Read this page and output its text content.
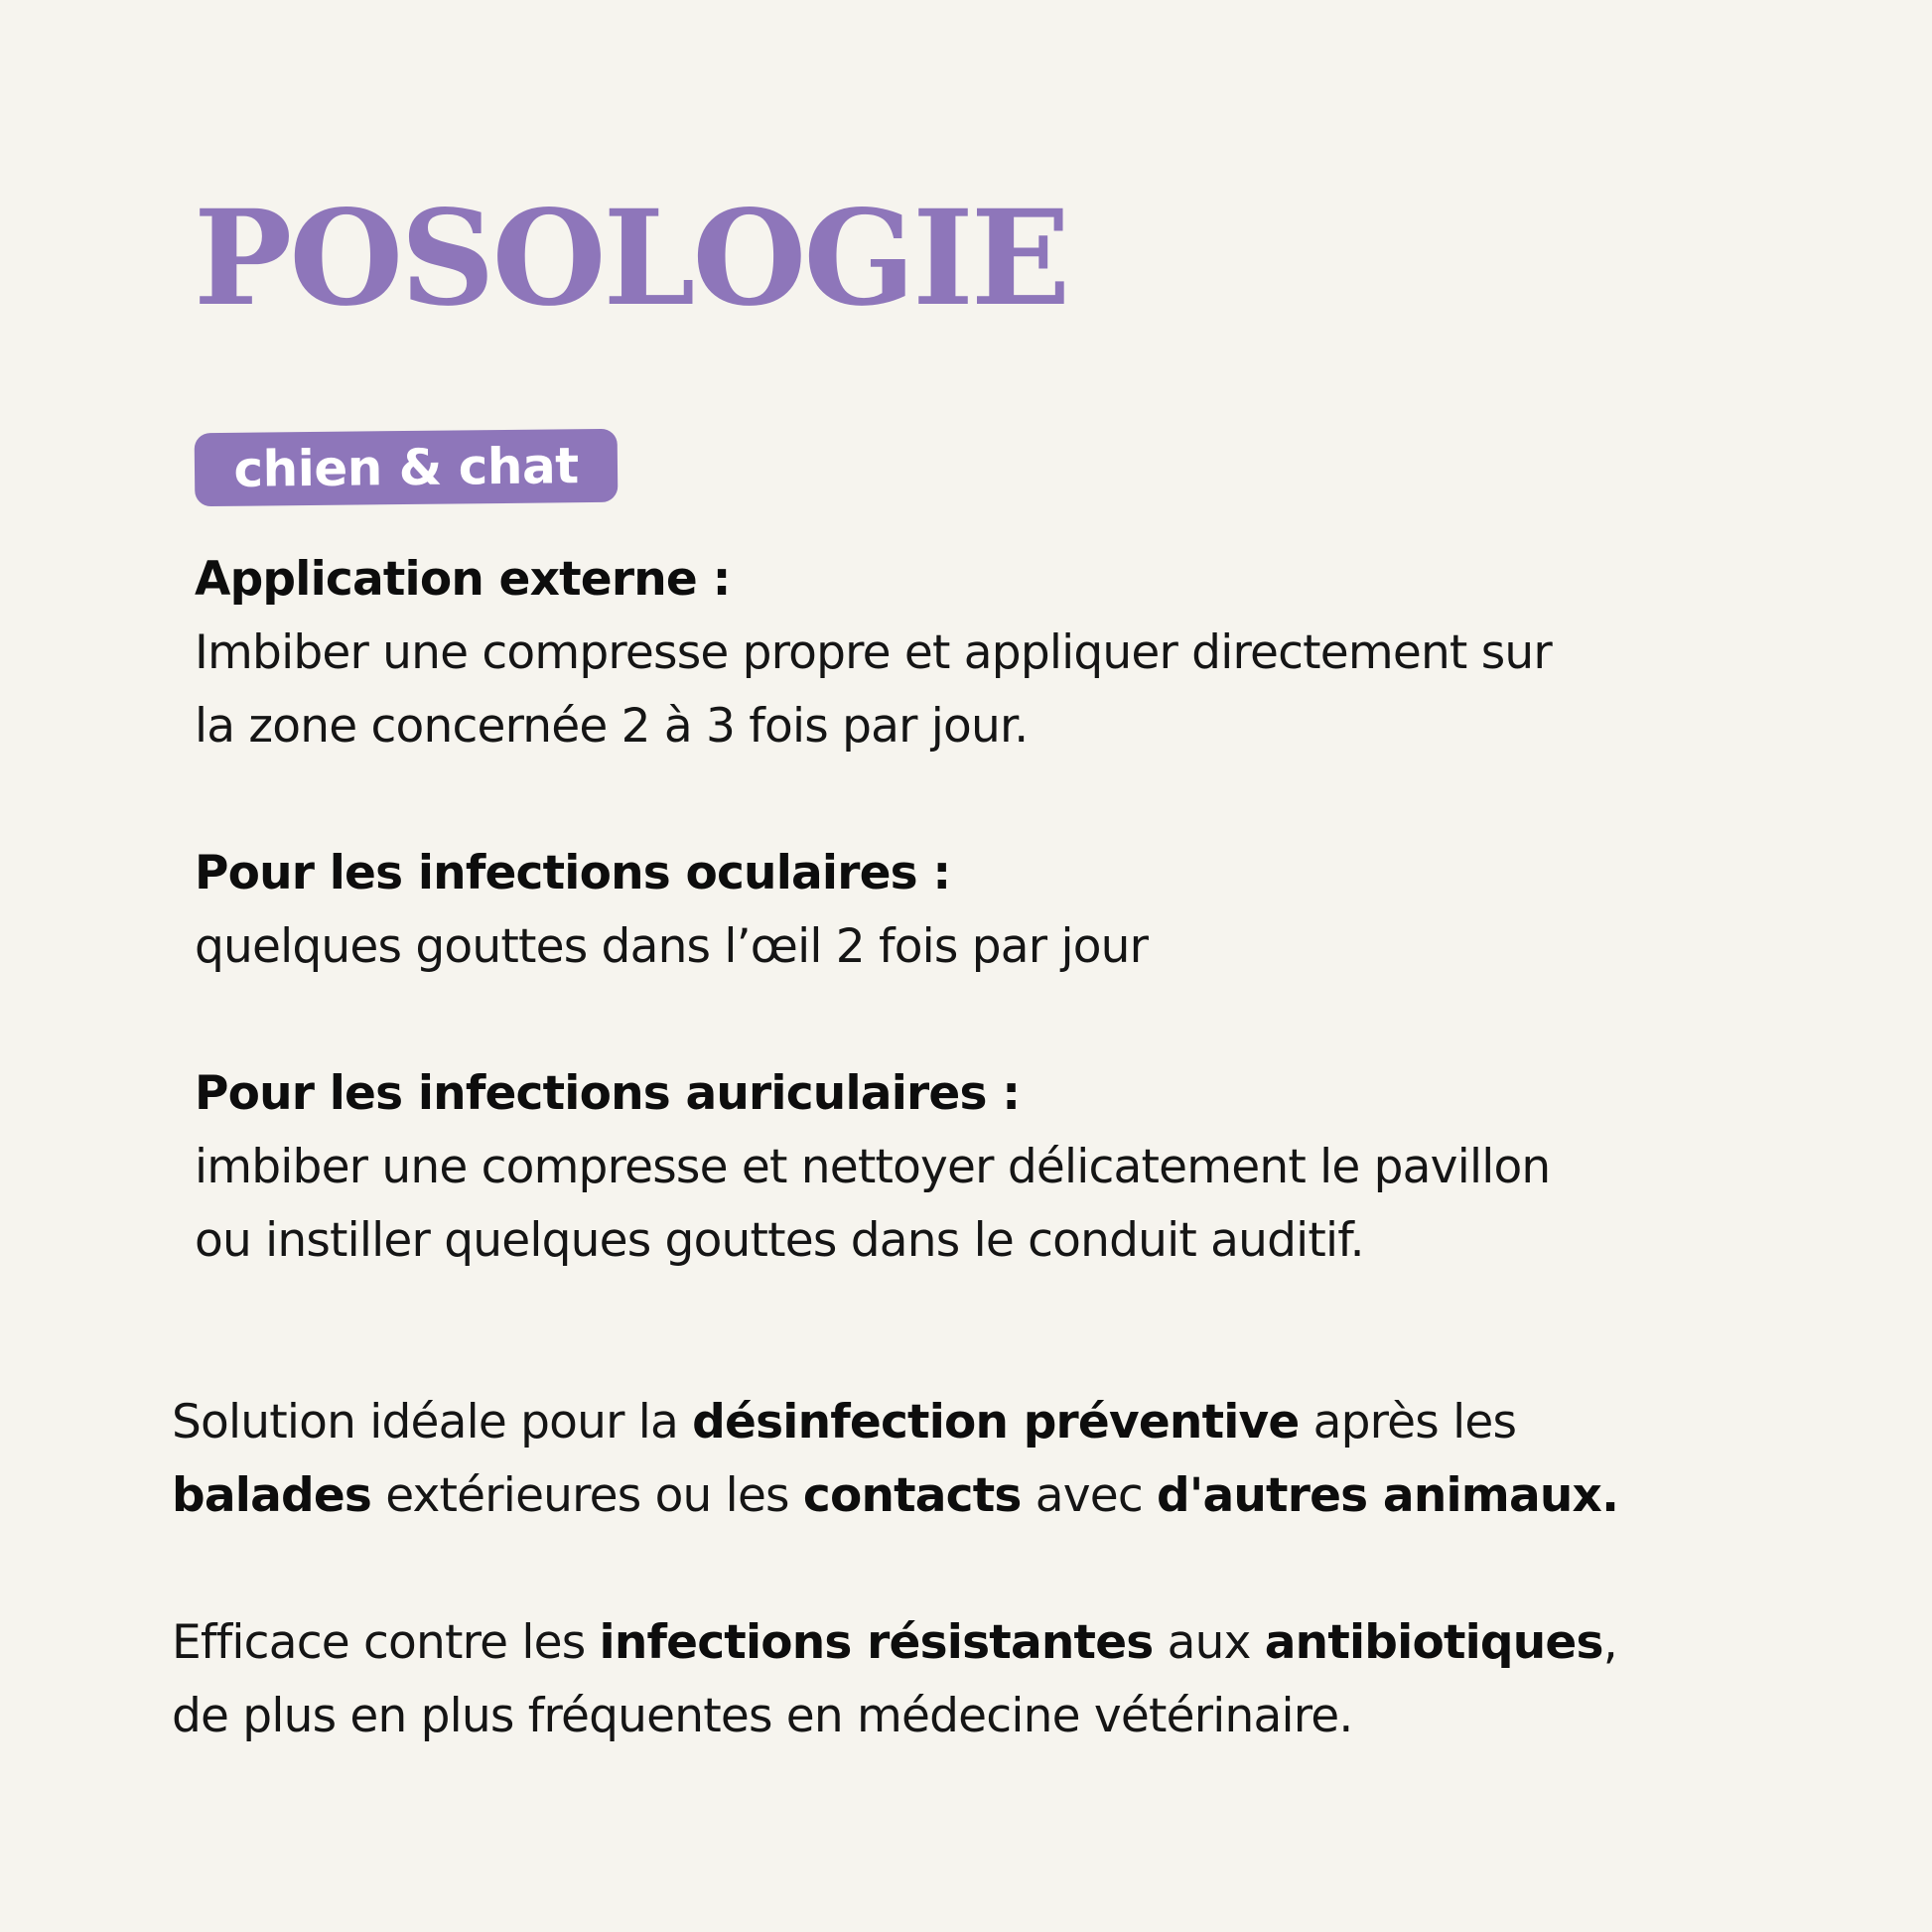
POSOLOGIE
chien & chat
Application externe :
Imbiber une compresse propre et appliquer directement sur
la zone concernée 2 à 3 fois par jour.
Pour les infections oculaires :
quelques gouttes dans l’œil 2 fois par jour
Pour les infections auriculaires :
imbiber une compresse et nettoyer délicatement le pavillon
ou instiller quelques gouttes dans le conduit auditif.
Solution idéale pour la désinfection préventive après les
balades extérieures ou les contacts avec d'autres animaux.
Efficace contre les infections résistantes aux antibiotiques,
de plus en plus fréquentes en médecine vétérinaire.
